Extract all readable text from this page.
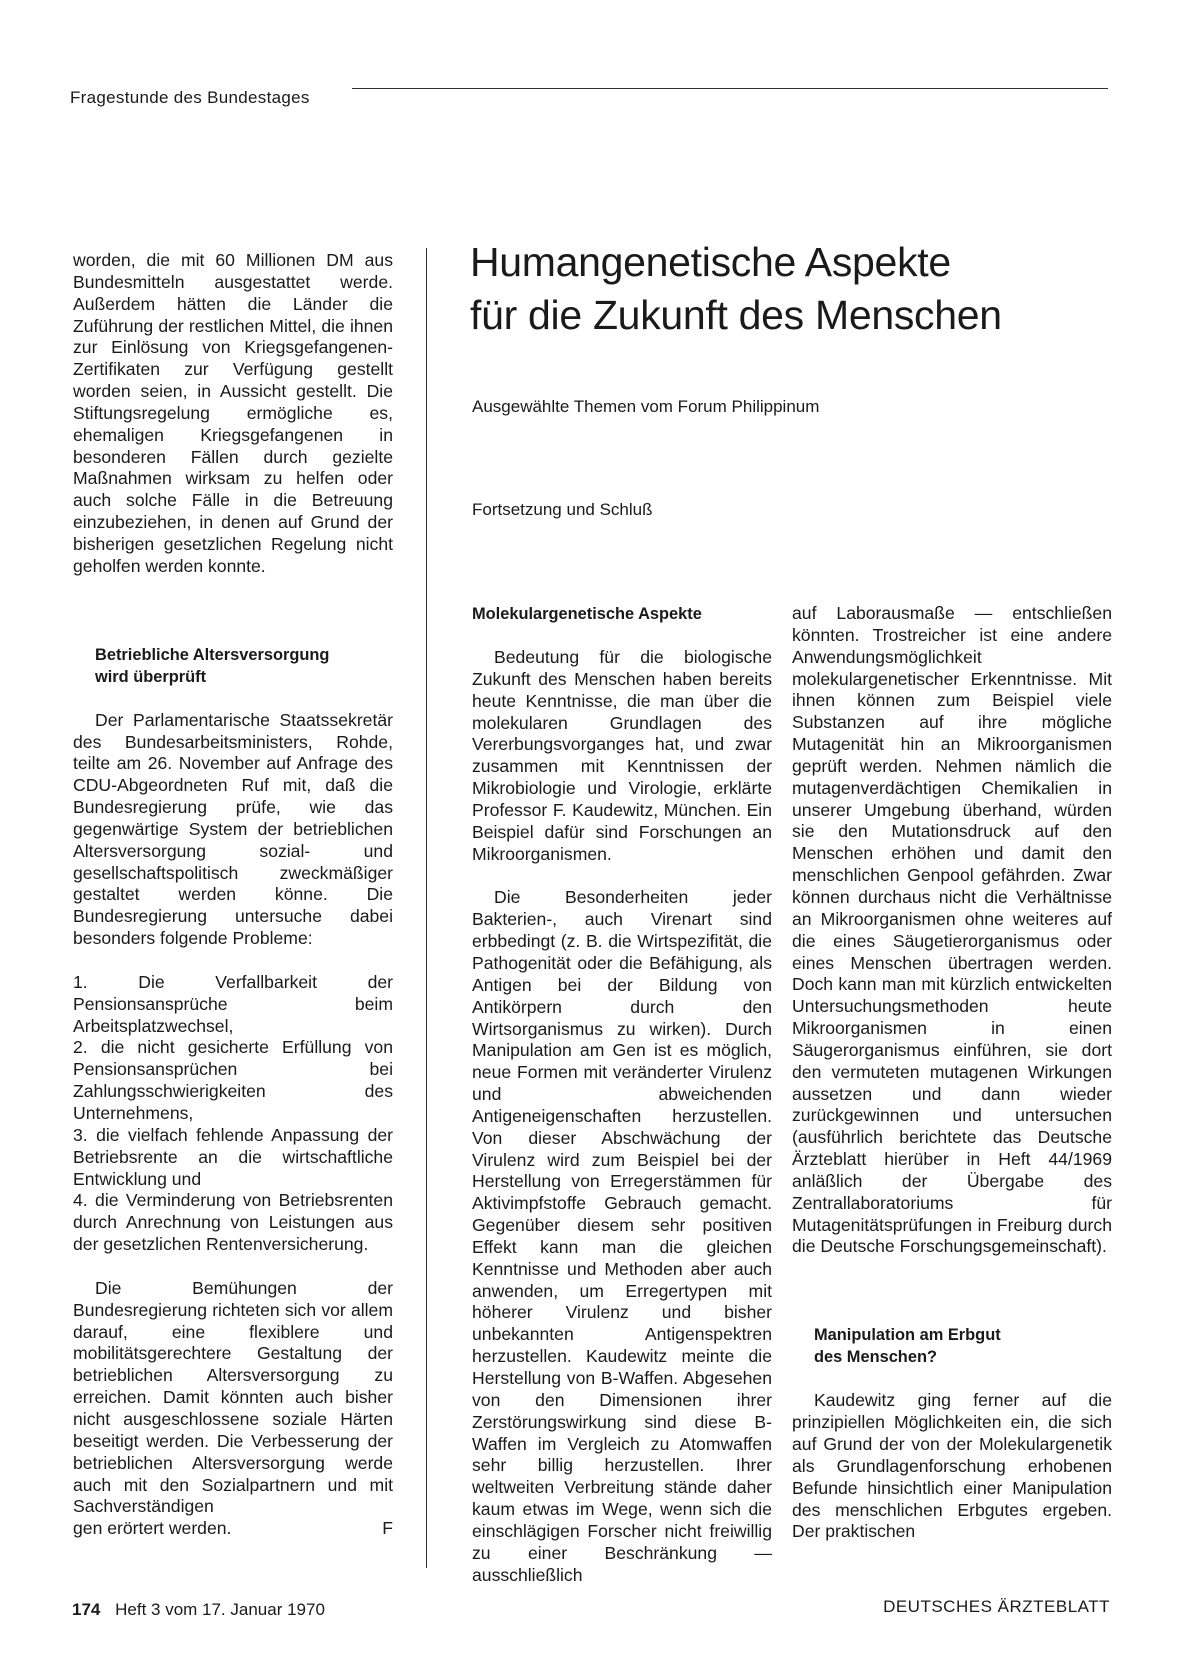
Fragestunde des Bundestages

worden, die mit 60 Millionen DM aus Bundesmitteln ausgestattet werde. Außerdem hätten die Länder die Zuführung der restlichen Mittel, die ihnen zur Einlösung von Kriegsgefangenen-Zertifikaten zur Verfügung gestellt worden seien, in Aussicht gestellt. Die Stiftungsregelung ermögliche es, ehemaligen Kriegsgefangenen in besonderen Fällen durch gezielte Maßnahmen wirksam zu helfen oder auch solche Fälle in die Betreuung einzubeziehen, in denen auf Grund der bisherigen gesetzlichen Regelung nicht geholfen werden konnte.

Betriebliche Altersversorgung
wird überprüft

Der Parlamentarische Staatssekretär des Bundesarbeitsministers, Rohde, teilte am 26. November auf Anfrage des CDU-Abgeordneten Ruf mit, daß die Bundesregierung prüfe, wie das gegenwärtige System der betrieblichen Altersversorgung sozial- und gesellschaftspolitisch zweckmäßiger gestaltet werden könne. Die Bundesregierung untersuche dabei besonders folgende Probleme:

1. Die Verfallbarkeit der Pensionsansprüche beim Arbeitsplatzwechsel,

2. die nicht gesicherte Erfüllung von Pensionsansprüchen bei Zahlungsschwierigkeiten des Unternehmens,

3. die vielfach fehlende Anpassung der Betriebsrente an die wirtschaftliche Entwicklung und

4. die Verminderung von Betriebsrenten durch Anrechnung von Leistungen aus der gesetzlichen Rentenversicherung.

Die Bemühungen der Bundesregierung richteten sich vor allem darauf, eine flexiblere und mobilitätsgerechtere Gestaltung der betrieblichen Altersversorgung zu erreichen. Damit könnten auch bisher nicht ausgeschlossene soziale Härten beseitigt werden. Die Verbesserung der betrieblichen Altersversorgung werde auch mit den Sozialpartnern und mit Sachverständigen

gen erörtert werden.	F
Humangenetische Aspekte
für die Zukunft des Menschen
Ausgewählte Themen vom Forum Philippinum
Fortsetzung und Schluß
Molekulargenetische Aspekte

Bedeutung für die biologische Zukunft des Menschen haben bereits heute Kenntnisse, die man über die molekularen Grundlagen des Vererbungsvorganges hat, und zwar zusammen mit Kenntnissen der Mikrobiologie und Virologie, erklärte Professor F. Kaudewitz, München. Ein Beispiel dafür sind Forschungen an Mikroorganismen.

Die Besonderheiten jeder Bakterien-, auch Virenart sind erbbedingt (z. B. die Wirtspezifität, die Pathogenität oder die Befähigung, als Antigen bei der Bildung von Antikörpern durch den Wirtsorganismus zu wirken). Durch Manipulation am Gen ist es möglich, neue Formen mit veränderter Virulenz und abweichenden Antigeneigenschaften herzustellen. Von dieser Abschwächung der Virulenz wird zum Beispiel bei der Herstellung von Erregerstämmen für Aktivimpfstoffe Gebrauch gemacht. Gegenüber diesem sehr positiven Effekt kann man die gleichen Kenntnisse und Methoden aber auch anwenden, um Erregertypen mit höherer Virulenz und bisher unbekannten Antigenspektren herzustellen. Kaudewitz meinte die Herstellung von B-Waffen. Abgesehen von den Dimensionen ihrer Zerstörungswirkung sind diese B-Waffen im Vergleich zu Atomwaffen sehr billig herzustellen. Ihrer weltweiten Verbreitung stände daher kaum etwas im Wege, wenn sich die einschlägigen Forscher nicht freiwillig zu einer Beschränkung — ausschließlich

auf Laborausmaße — entschließen könnten. Trostreicher ist eine andere Anwendungsmöglichkeit molekulargenetischer Erkenntnisse. Mit ihnen können zum Beispiel viele Substanzen auf ihre mögliche Mutagenität hin an Mikroorganismen geprüft werden. Nehmen nämlich die mutagenverdächtigen Chemikalien in unserer Umgebung überhand, würden sie den Mutationsdruck auf den Menschen erhöhen und damit den menschlichen Genpool gefährden. Zwar können durchaus nicht die Verhältnisse an Mikroorganismen ohne weiteres auf die eines Säugetierorganismus oder eines Menschen übertragen werden. Doch kann man mit kürzlich entwickelten Untersuchungsmethoden heute Mikroorganismen in einen Säugerorganismus einführen, sie dort den vermuteten mutagenen Wirkungen aussetzen und dann wieder zurückgewinnen und untersuchen (ausführlich berichtete das Deutsche Ärzteblatt hierüber in Heft 44/1969 anläßlich der Übergabe des Zentrallaboratoriums für Mutagenitätsprüfungen in Freiburg durch die Deutsche Forschungsgemeinschaft).

Manipulation am Erbgut
des Menschen?

Kaudewitz ging ferner auf die prinzipiellen Möglichkeiten ein, die sich auf Grund der von der Molekulargenetik als Grundlagenforschung erhobenen Befunde hinsichtlich einer Manipulation des menschlichen Erbgutes ergeben. Der praktischen

174 Heft 3 vom 17. Januar 1970	DEUTSCHES ÄRZTEBLATT
